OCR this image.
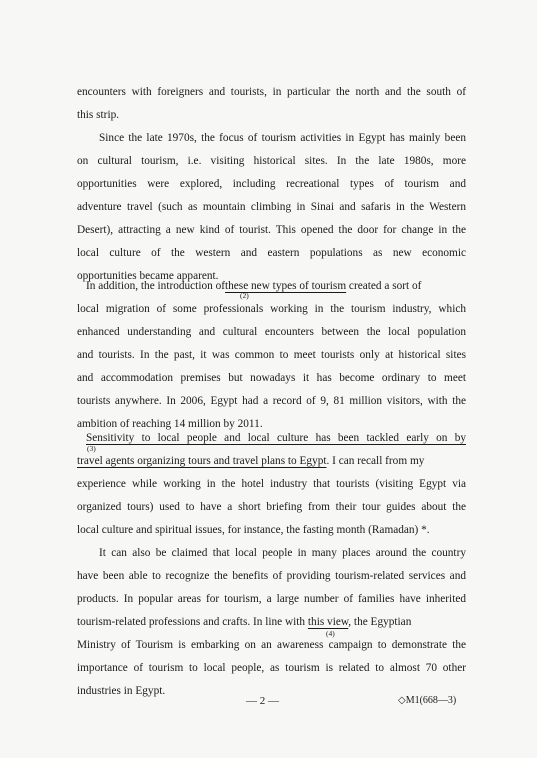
encounters with foreigners and tourists, in particular the north and the south of
this strip.
Since the late 1970s, the focus of tourism activities in Egypt has mainly been
on cultural tourism, i.e. visiting historical sites. In the late 1980s, more
opportunities were explored, including recreational types of tourism and
adventure travel (such as mountain climbing in Sinai and safaris in the Western
Desert), attracting a new kind of tourist. This opened the door for change in the
local culture of the western and eastern populations as new economic
opportunities became apparent.
In addition, the introduction ofthese new types of tourism created a sort of
(2)
local migration of some professionals working in the tourism industry, which
enhanced understanding and cultural encounters between the local population
and tourists. In the past, it was common to meet tourists only at historical sites
and accommodation premises but nowadays it has become ordinary to meet
tourists anywhere. In 2006, Egypt had a record of 9, 81 million visitors, with the
ambition of reaching 14 million by 2011.
Sensitivity to local people and local culture has been tackled early on by
(3)
travel agents organizing tours and travel plans to Egypt. I can recall from my
experience while working in the hotel industry that tourists (visiting Egypt via
organized tours) used to have a short briefing from their tour guides about the
local culture and spiritual issues, for instance, the fasting month (Ramadan) *.
It can also be claimed that local people in many places around the country
have been able to recognize the benefits of providing tourism-related services and
products. In popular areas for tourism, a large number of families have inherited
tourism-related professions and crafts. In line with this view, the Egyptian
(4)
Ministry of Tourism is embarking on an awareness campaign to demonstrate the
importance of tourism to local people, as tourism is related to almost 70 other
industries in Egypt.
— 2 —	◇M1(668—3)
